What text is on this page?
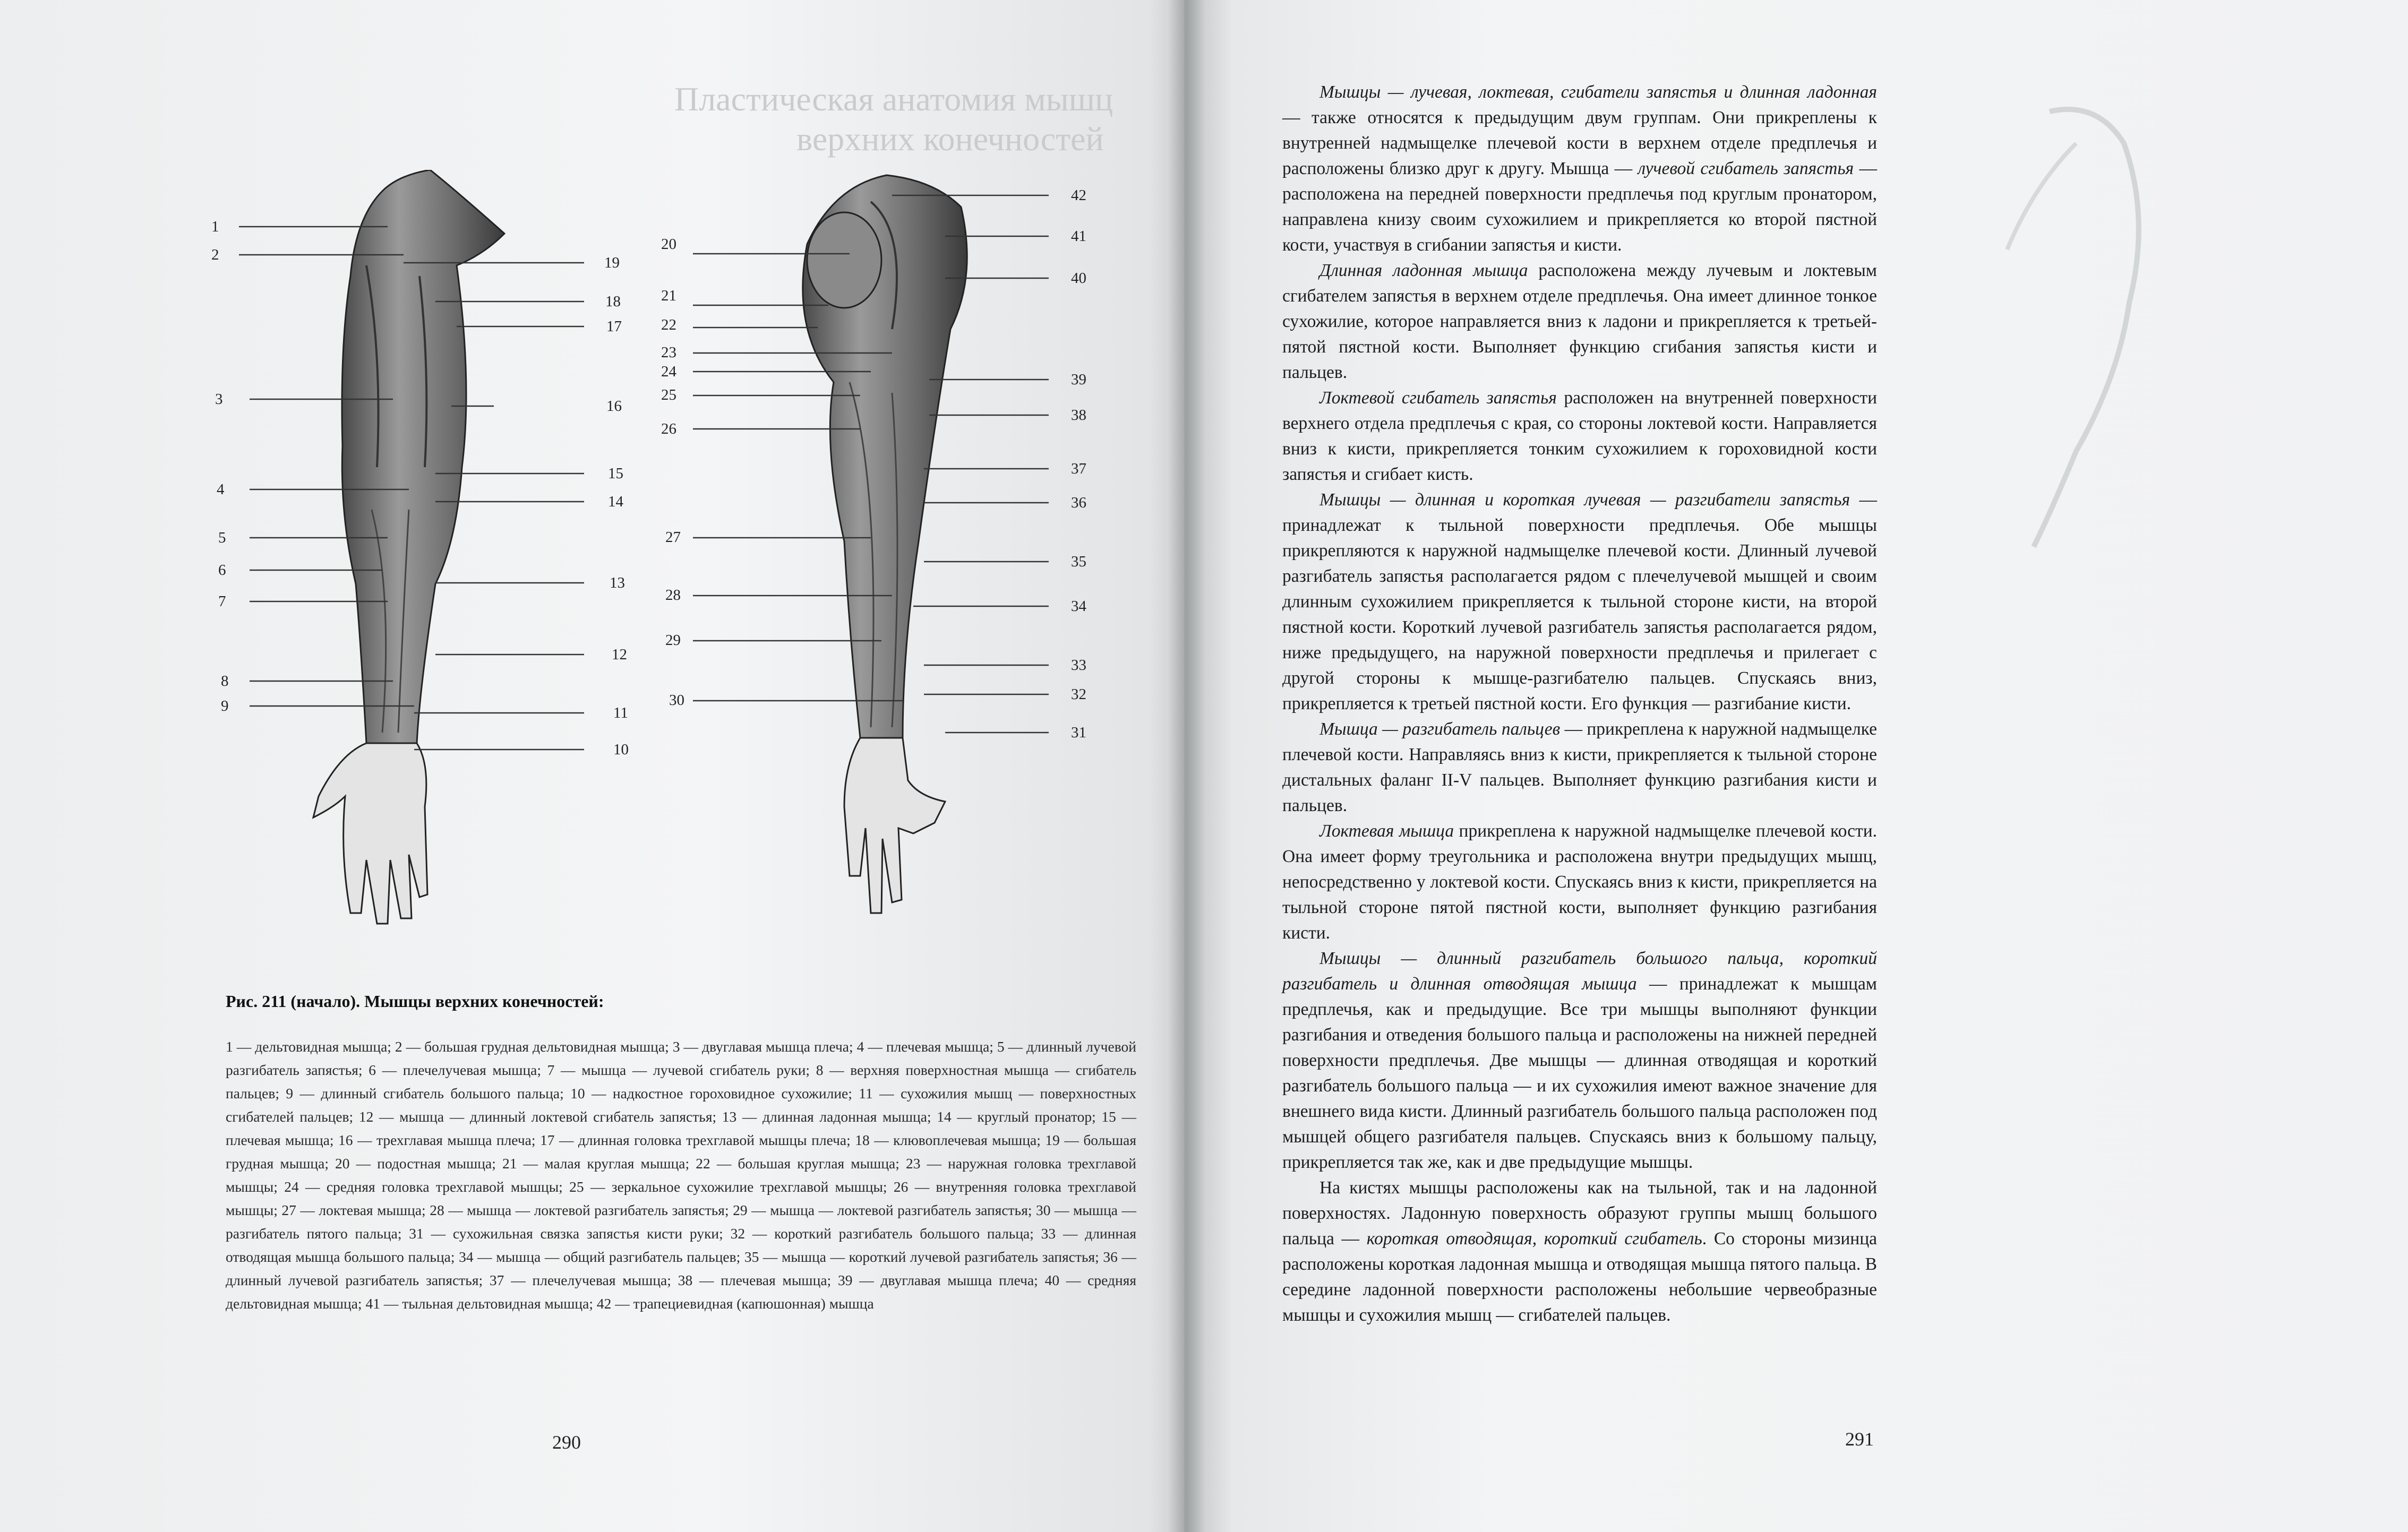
Пластическая анатомия мышц
верхних конечностей
1
2
3
4
5
6
7
8
9
10
11
12
13
14
15
16
17
18
19
20
21
22
23
24
25
26
27
28
29
30
31
32
33
34
35
36
37
38
39
40
41
42
Рис. 211 (начало). Мышцы верхних конечностей:
1 — дельтовидная мышца; 2 — большая грудная дельтовидная мышца; 3 — двуглавая мышца плеча; 4 — плечевая мышца; 5 — длинный лучевой разгибатель запястья; 6 — плечелучевая мышца; 7 — мышца — лучевой сгибатель руки; 8 — верхняя поверхностная мышца — сгибатель пальцев; 9 — длинный сгибатель большого пальца; 10 — надкостное гороховидное сухожилие; 11 — сухожилия мышц — поверхностных сгибателей пальцев; 12 — мышца — длинный локтевой сгибатель запястья; 13 — длинная ладонная мышца; 14 — круглый пронатор; 15 — плечевая мышца; 16 — трехглавая мышца плеча; 17 — длинная головка трехглавой мышцы плеча; 18 — клювоплечевая мышца; 19 — большая грудная мышца; 20 — подостная мышца; 21 — малая круглая мышца; 22 — большая круглая мышца; 23 — наружная головка трехглавой мышцы; 24 — средняя головка трехглавой мышцы; 25 — зеркальное сухожилие трехглавой мышцы; 26 — внутренняя головка трехглавой мышцы; 27 — локтевая мышца; 28 — мышца — локтевой разгибатель запястья; 29 — мышца — локтевой разгибатель запястья; 30 — мышца — разгибатель пятого пальца; 31 — сухожильная связка запястья кисти руки; 32 — короткий разгибатель большого пальца; 33 — длинная отводящая мышца большого пальца; 34 — мышца — общий разгибатель пальцев; 35 — мышца — короткий лучевой разгибатель запястья; 36 — длинный лучевой разгибатель запястья; 37 — плечелучевая мышца; 38 — плечевая мышца; 39 — двуглавая мышца плеча; 40 — средняя дельтовидная мышца; 41 — тыльная дельтовидная мышца; 42 — трапециевидная (капюшонная) мышца
290

Мышцы — лучевая, локтевая, сгибатели запястья и длинная ладонная — также относятся к предыдущим двум группам. Они прикреплены к внутренней надмыщелке плечевой кости в верхнем отделе предплечья и расположены близко друг к другу. Мышца — лучевой сгибатель запястья — расположена на передней поверхности предплечья под круглым пронатором, направлена книзу своим сухожилием и прикрепляется ко второй пястной кости, участвуя в сгибании запястья и кисти.

Длинная ладонная мышца расположена между лучевым и локтевым сгибателем запястья в верхнем отделе предплечья. Она имеет длинное тонкое сухожилие, которое направляется вниз к ладони и прикрепляется к третьей-пятой пястной кости. Выполняет функцию сгибания запястья кисти и пальцев.

Локтевой сгибатель запястья расположен на внутренней поверхности верхнего отдела предплечья с края, со стороны локтевой кости. Направляется вниз к кисти, прикрепляется тонким сухожилием к гороховидной кости запястья и сгибает кисть.

Мышцы — длинная и короткая лучевая — разгибатели запястья — принадлежат к тыльной поверхности предплечья. Обе мышцы прикрепляются к наружной надмыщелке плечевой кости. Длинный лучевой разгибатель запястья располагается рядом с плечелучевой мышцей и своим длинным сухожилием прикрепляется к тыльной стороне кисти, на второй пястной кости. Короткий лучевой разгибатель запястья располагается рядом, ниже предыдущего, на наружной поверхности предплечья и прилегает с другой стороны к мышце-разгибателю пальцев. Спускаясь вниз, прикрепляется к третьей пястной кости. Его функция — разгибание кисти.

Мышца — разгибатель пальцев — прикреплена к наружной надмыщелке плечевой кости. Направляясь вниз к кисти, прикрепляется к тыльной стороне дистальных фаланг II-V пальцев. Выполняет функцию разгибания кисти и пальцев.

Локтевая мышца прикреплена к наружной надмыщелке плечевой кости. Она имеет форму треугольника и расположена внутри предыдущих мышц, непосредственно у локтевой кости. Спускаясь вниз к кисти, прикрепляется на тыльной стороне пятой пястной кости, выполняет функцию разгибания кисти.

Мышцы — длинный разгибатель большого пальца, короткий разгибатель и длинная отводящая мышца — принадлежат к мышцам предплечья, как и предыдущие. Все три мышцы выполняют функции разгибания и отведения большого пальца и расположены на нижней передней поверхности предплечья. Две мышцы — длинная отводящая и короткий разгибатель большого пальца — и их сухожилия имеют важное значение для внешнего вида кисти. Длинный разгибатель большого пальца расположен под мышцей общего разгибателя пальцев. Спускаясь вниз к большому пальцу, прикрепляется так же, как и две предыдущие мышцы.

На кистях мышцы расположены как на тыльной, так и на ладонной поверхностях. Ладонную поверхность образуют группы мышц большого пальца — короткая отводящая, короткий сгибатель. Со стороны мизинца расположены короткая ладонная мышца и отводящая мышца пятого пальца. В середине ладонной поверхности расположены небольшие червеобразные мышцы и сухожилия мышц — сгибателей пальцев.

291
